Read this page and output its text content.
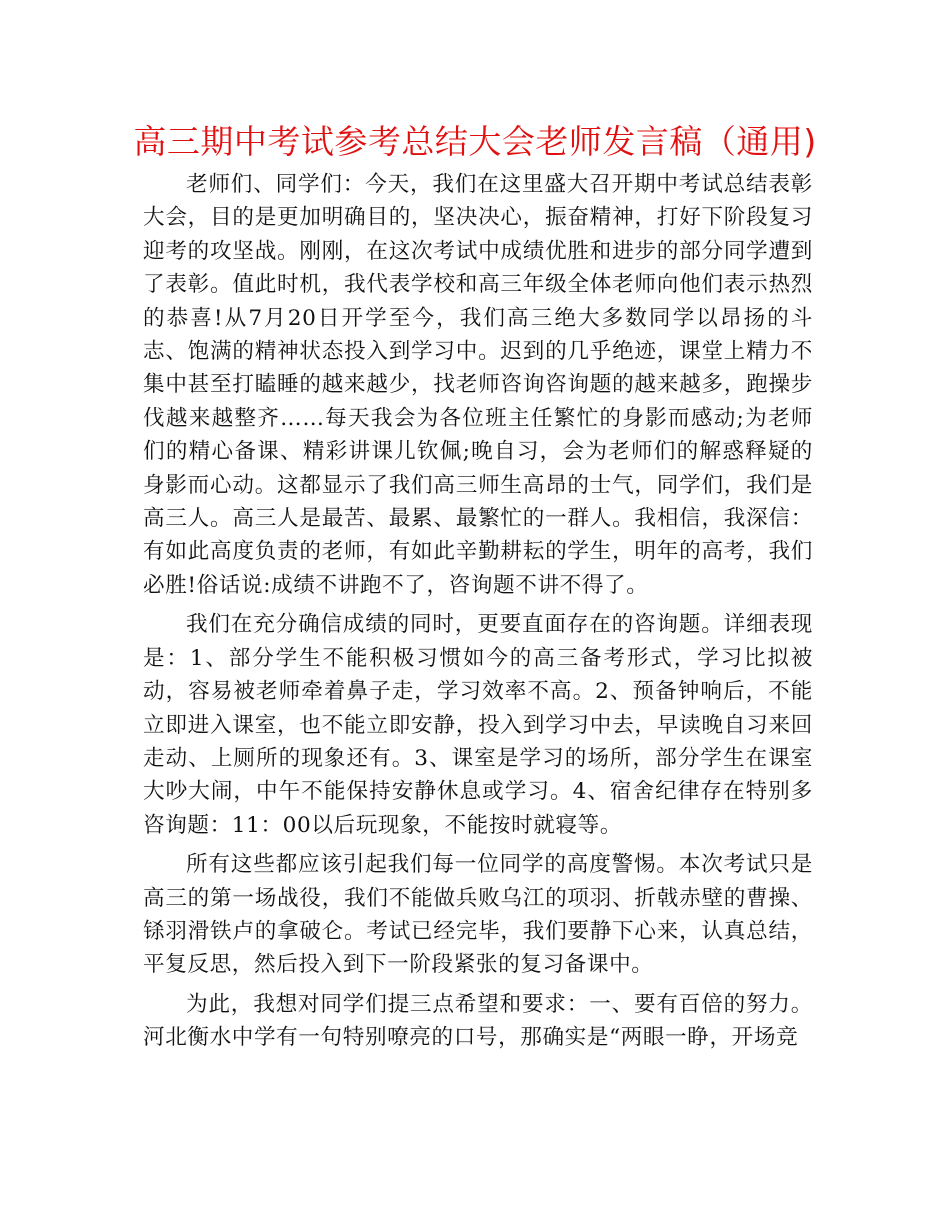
高三期中考试参考总结大会老师发言稿（通用)

老师们、同学们：今天，我们在这里盛大召开期中考试总结表彰大会，目的是更加明确目的，坚决决心，振奋精神，打好下阶段复习迎考的攻坚战。刚刚，在这次考试中成绩优胜和进步的部分同学遭到了表彰。值此时机，我代表学校和高三年级全体老师向他们表示热烈的恭喜!从7月20日开学至今，我们高三绝大多数同学以昂扬的斗志、饱满的精神状态投入到学习中。迟到的几乎绝迹，课堂上精力不集中甚至打瞌睡的越来越少，找老师咨询咨询题的越来越多，跑操步伐越来越整齐……每天我会为各位班主任繁忙的身影而感动;为老师们的精心备课、精彩讲课儿钦佩;晚自习，会为老师们的解惑释疑的身影而心动。这都显示了我们高三师生高昂的士气，同学们，我们是高三人。高三人是最苦、最累、最繁忙的一群人。我相信，我深信：有如此高度负责的老师，有如此辛勤耕耘的学生，明年的高考，我们必胜!俗话说:成绩不讲跑不了，咨询题不讲不得了。

我们在充分确信成绩的同时，更要直面存在的咨询题。详细表现是：1、部分学生不能积极习惯如今的高三备考形式，学习比拟被动，容易被老师牵着鼻子走，学习效率不高。2、预备钟响后，不能立即进入课室，也不能立即安静，投入到学习中去，早读晚自习来回走动、上厕所的现象还有。3、课室是学习的场所，部分学生在课室大吵大闹，中午不能保持安静休息或学习。4、宿舍纪律存在特别多咨询题：11：00以后玩现象，不能按时就寝等。

所有这些都应该引起我们每一位同学的高度警惕。本次考试只是高三的第一场战役，我们不能做兵败乌江的项羽、折戟赤壁的曹操、铩羽滑铁卢的拿破仑。考试已经完毕，我们要静下心来，认真总结，平复反思，然后投入到下一阶段紧张的复习备课中。

为此，我想对同学们提三点希望和要求：一、要有百倍的努力。河北衡水中学有一句特别嘹亮的口号，那确实是“两眼一睁，开场竞
